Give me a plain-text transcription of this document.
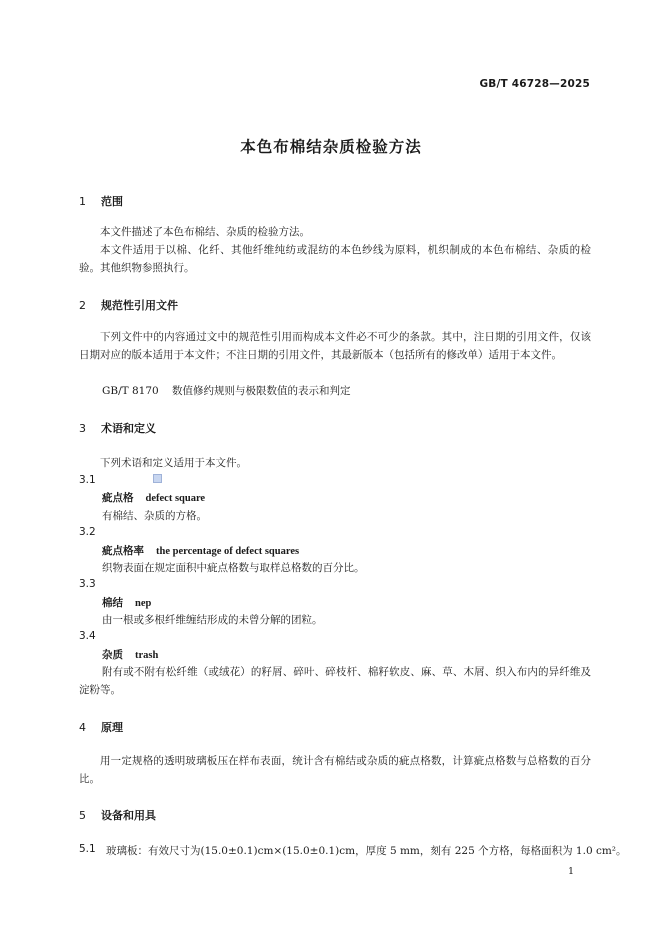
GB/T 46728—2025
本色布棉结杂质检验方法
1 范围
本文件描述了本色布棉结、杂质的检验方法。
本文件适用于以棉、化纤、其他纤维纯纺或混纺的本色纱线为原料，机织制成的本色布棉结、杂质的检验。其他织物参照执行。
2 规范性引用文件
下列文件中的内容通过文中的规范性引用而构成本文件必不可少的条款。其中，注日期的引用文件，仅该日期对应的版本适用于本文件；不注日期的引用文件，其最新版本（包括所有的修改单）适用于本文件。
GB/T 8170 数值修约规则与极限数值的表示和判定
3 术语和定义
下列术语和定义适用于本文件。
3.1
疵点格 defect square
有棉结、杂质的方格。
3.2
疵点格率 the percentage of defect squares
织物表面在规定面积中疵点格数与取样总格数的百分比。
3.3
棉结 nep
由一根或多根纤维缠结形成的未曾分解的团粒。
3.4
杂质 trash
附有或不附有松纤维（或绒花）的籽屑、碎叶、碎枝杆、棉籽软皮、麻、草、木屑、织入布内的异纤维及淀粉等。
4 原理
用一定规格的透明玻璃板压在样布表面，统计含有棉结或杂质的疵点格数，计算疵点格数与总格数的百分比。
5 设备和用具
5.1 玻璃板：有效尺寸为(15.0±0.1)cm×(15.0±0.1)cm，厚度 5 mm，刻有 225 个方格，每格面积为 1.0 cm²。
1
